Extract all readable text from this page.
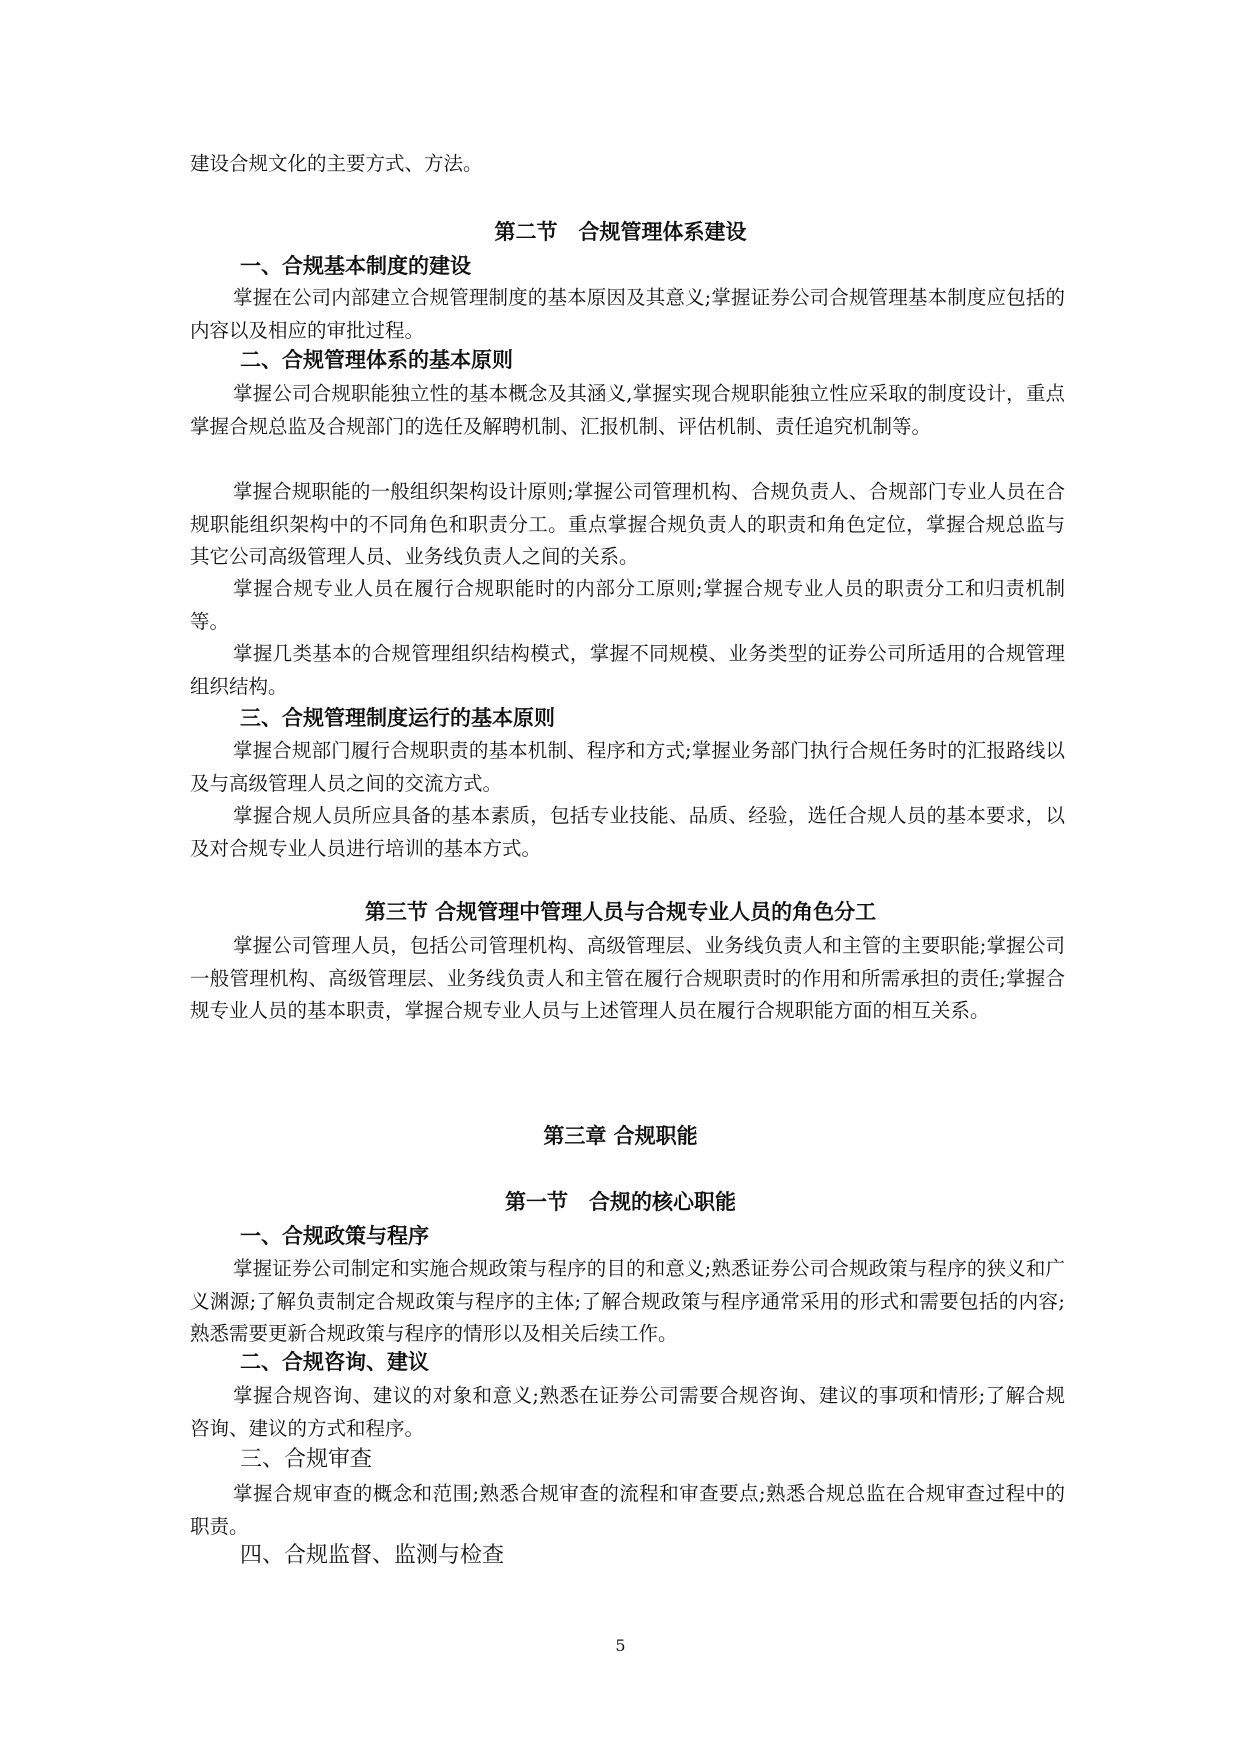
建设合规文化的主要方式、方法。
第二节　合规管理体系建设
一、合规基本制度的建设
掌握在公司内部建立合规管理制度的基本原因及其意义;掌握证券公司合规管理基本制度应包括的内容以及相应的审批过程。
二、合规管理体系的基本原则
掌握公司合规职能独立性的基本概念及其涵义,掌握实现合规职能独立性应采取的制度设计，重点掌握合规总监及合规部门的选任及解聘机制、汇报机制、评估机制、责任追究机制等。
掌握合规职能的一般组织架构设计原则;掌握公司管理机构、合规负责人、合规部门专业人员在合规职能组织架构中的不同角色和职责分工。重点掌握合规负责人的职责和角色定位，掌握合规总监与其它公司高级管理人员、业务线负责人之间的关系。
掌握合规专业人员在履行合规职能时的内部分工原则;掌握合规专业人员的职责分工和归责机制等。
掌握几类基本的合规管理组织结构模式，掌握不同规模、业务类型的证券公司所适用的合规管理组织结构。
三、合规管理制度运行的基本原则
掌握合规部门履行合规职责的基本机制、程序和方式;掌握业务部门执行合规任务时的汇报路线以及与高级管理人员之间的交流方式。
掌握合规人员所应具备的基本素质，包括专业技能、品质、经验，选任合规人员的基本要求，以及对合规专业人员进行培训的基本方式。
第三节 合规管理中管理人员与合规专业人员的角色分工
掌握公司管理人员，包括公司管理机构、高级管理层、业务线负责人和主管的主要职能;掌握公司一般管理机构、高级管理层、业务线负责人和主管在履行合规职责时的作用和所需承担的责任;掌握合规专业人员的基本职责，掌握合规专业人员与上述管理人员在履行合规职能方面的相互关系。
第三章 合规职能
第一节　合规的核心职能
一、合规政策与程序
掌握证券公司制定和实施合规政策与程序的目的和意义;熟悉证券公司合规政策与程序的狭义和广义渊源;了解负责制定合规政策与程序的主体;了解合规政策与程序通常采用的形式和需要包括的内容;熟悉需要更新合规政策与程序的情形以及相关后续工作。
二、合规咨询、建议
掌握合规咨询、建议的对象和意义;熟悉在证券公司需要合规咨询、建议的事项和情形;了解合规咨询、建议的方式和程序。
三、合规审查
掌握合规审查的概念和范围;熟悉合规审查的流程和审查要点;熟悉合规总监在合规审查过程中的职责。
四、合规监督、监测与检查
5
